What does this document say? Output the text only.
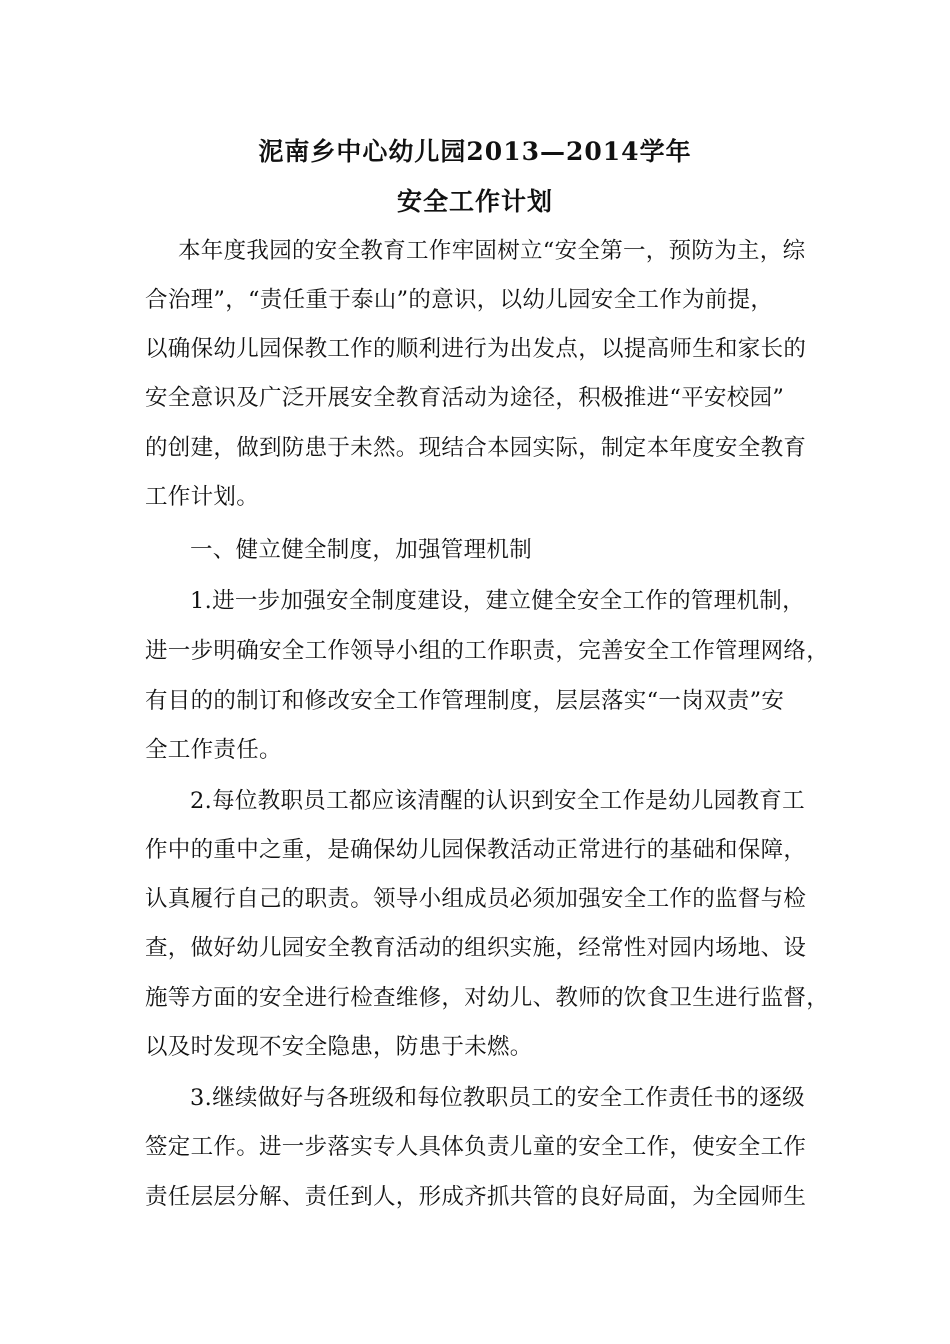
泥南乡中心幼儿园2013—2014学年
安全工作计划
本年度我园的安全教育工作牢固树立“安全第一，预防为主，综
合治理”，“责任重于泰山”的意识，以幼儿园安全工作为前提，
以确保幼儿园保教工作的顺利进行为出发点，以提高师生和家长的
安全意识及广泛开展安全教育活动为途径，积极推进“平安校园”
的创建，做到防患于未然。现结合本园实际，制定本年度安全教育
工作计划。
一、健立健全制度，加强管理机制
1.进一步加强安全制度建设，建立健全安全工作的管理机制，
进一步明确安全工作领导小组的工作职责，完善安全工作管理网络，
有目的的制订和修改安全工作管理制度，层层落实“一岗双责”安
全工作责任。
2.每位教职员工都应该清醒的认识到安全工作是幼儿园教育工
作中的重中之重，是确保幼儿园保教活动正常进行的基础和保障，
认真履行自己的职责。领导小组成员必须加强安全工作的监督与检
查，做好幼儿园安全教育活动的组织实施，经常性对园内场地、设
施等方面的安全进行检查维修，对幼儿、教师的饮食卫生进行监督，
以及时发现不安全隐患，防患于未燃。
3.继续做好与各班级和每位教职员工的安全工作责任书的逐级
签定工作。进一步落实专人具体负责儿童的安全工作，使安全工作
责任层层分解、责任到人，形成齐抓共管的良好局面，为全园师生
